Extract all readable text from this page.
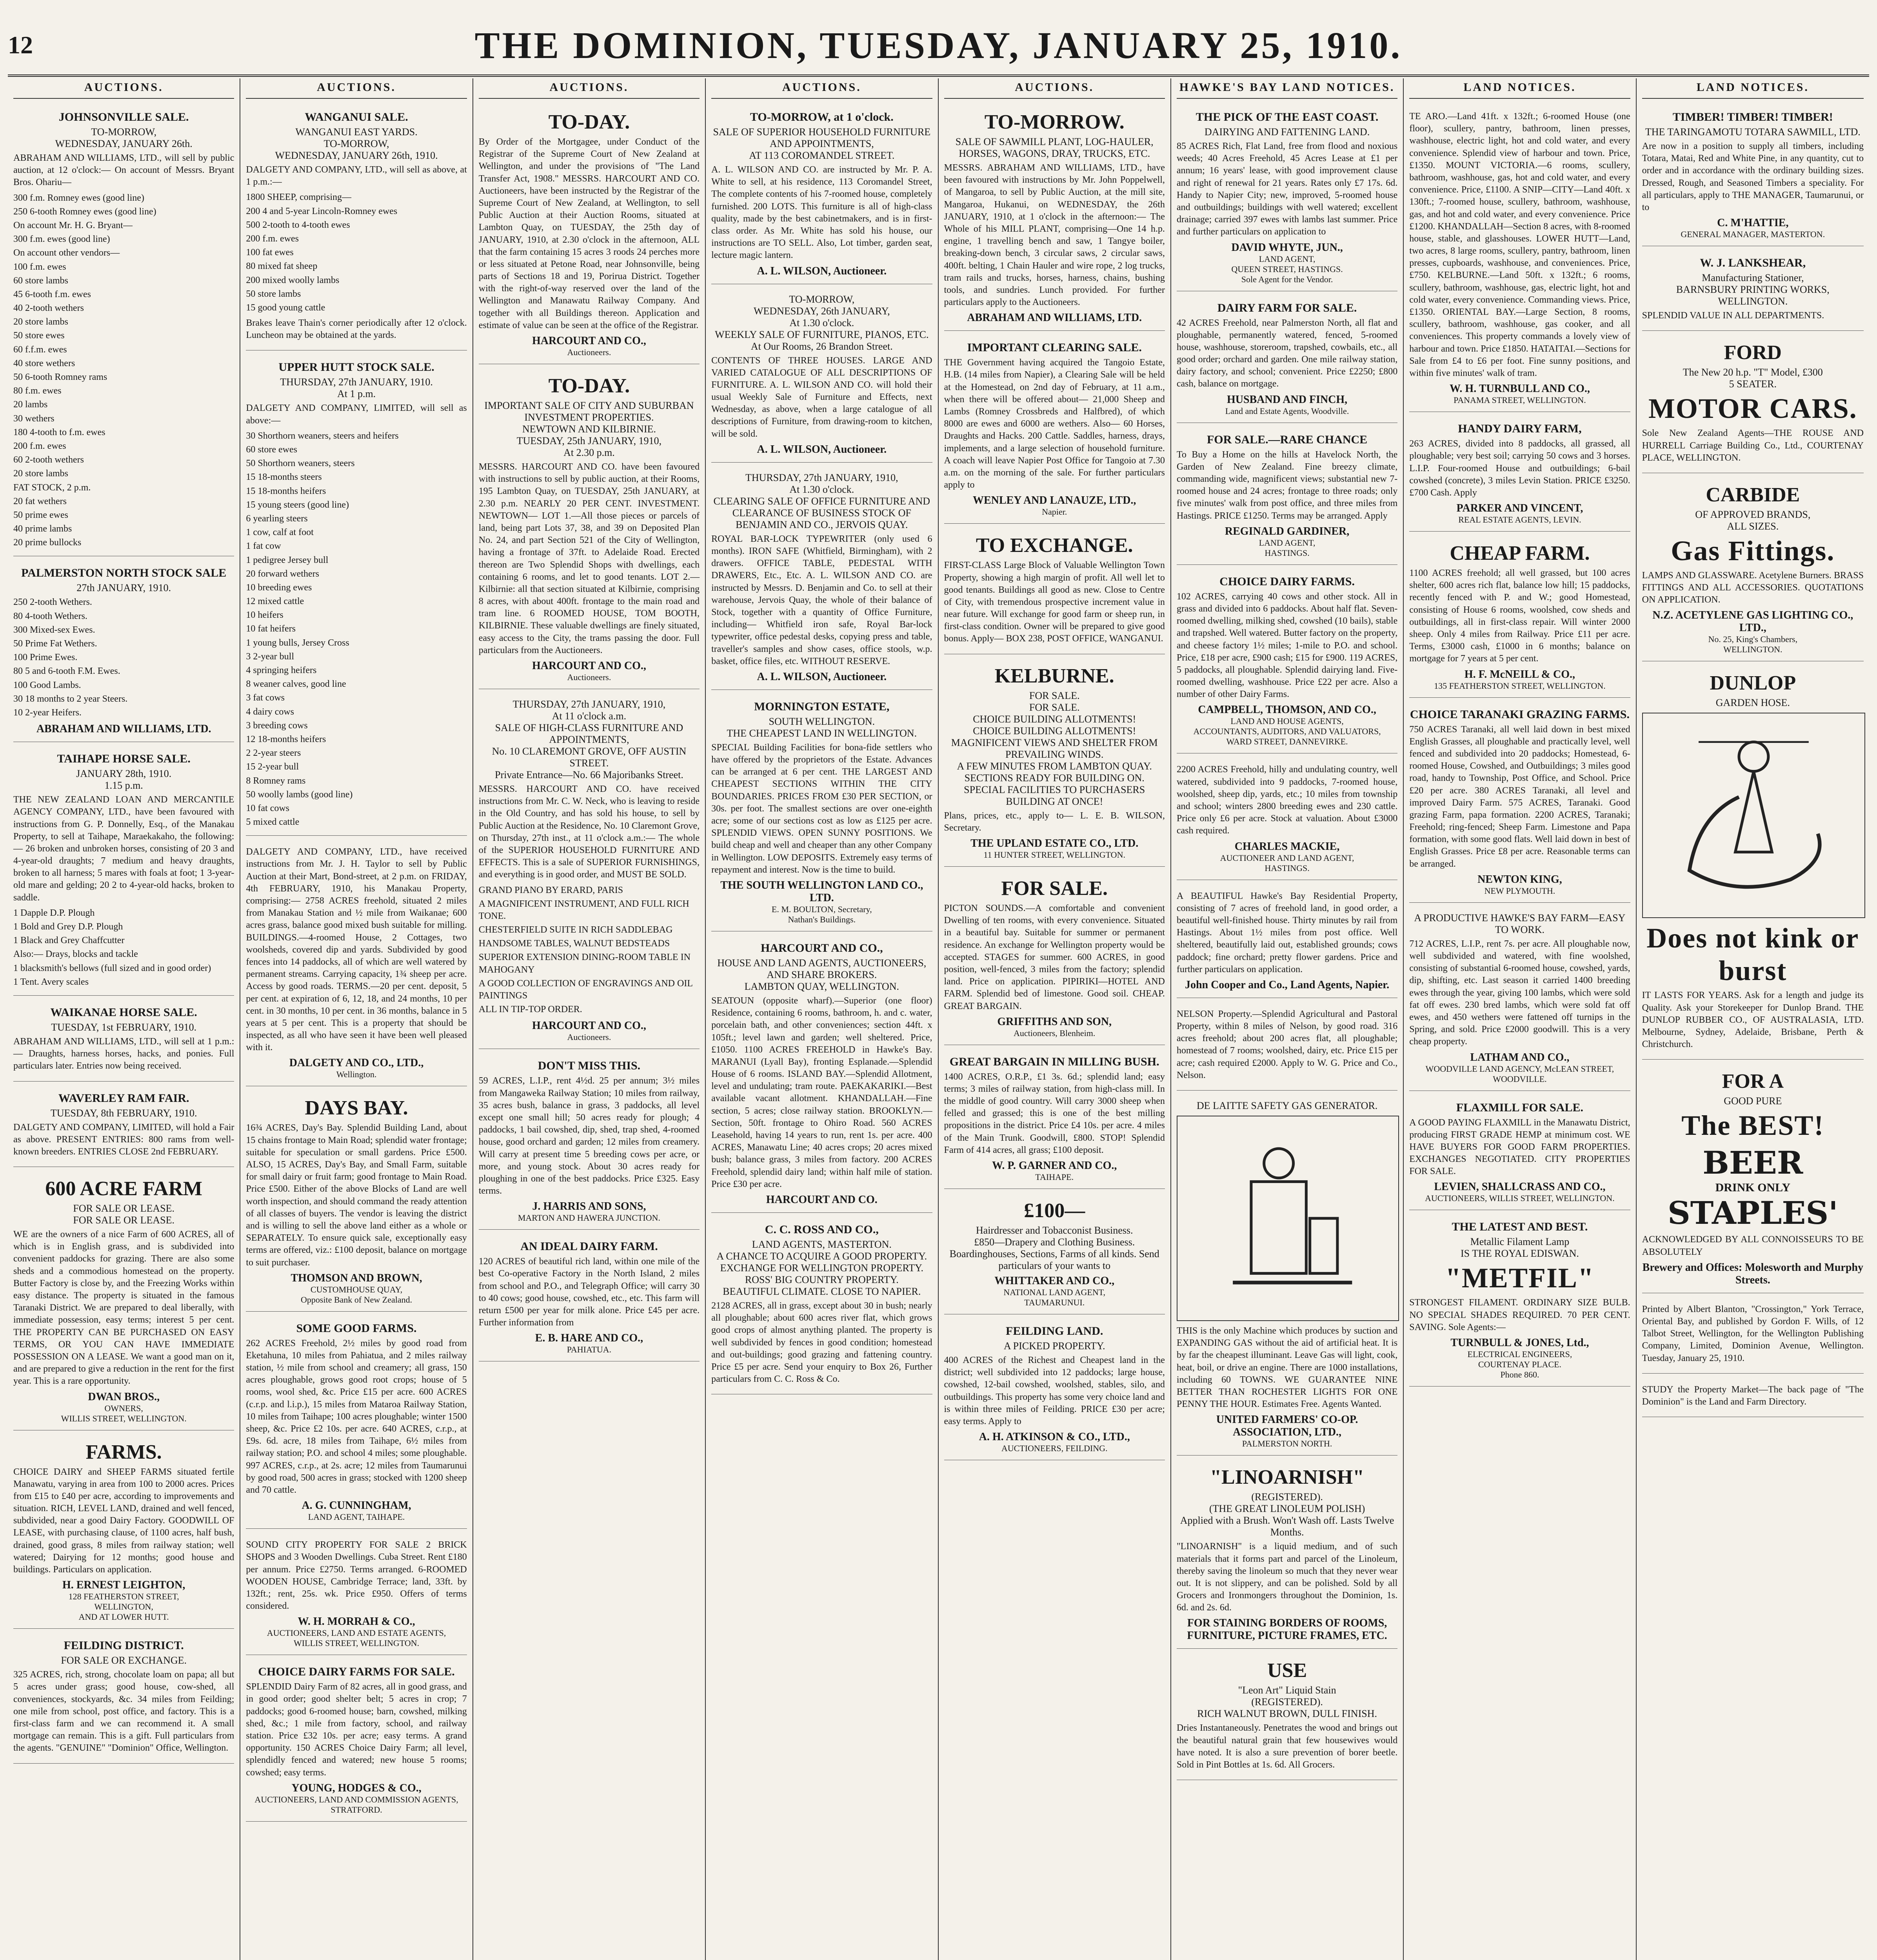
12	THE DOMINION, TUESDAY, JANUARY 25, 1910.
AUCTIONS.
JOHNSONVILLE SALE.
TO-MORROW,
WEDNESDAY, JANUARY 26th.
ABRAHAM AND WILLIAMS, LTD., will sell by public auction, at 12 o'clock:— On account of Messrs. Bryant Bros. Ohariu—
300 f.m. Romney ewes (good line)
250 6-tooth Romney ewes (good line)
On account Mr. H. G. Bryant—
300 f.m. ewes (good line)
On account other vendors—
100 f.m. ewes
60 store lambs
45 6-tooth f.m. ewes
40 2-tooth wethers
20 store lambs
50 store ewes
60 f.f.m. ewes
40 store wethers
50 6-tooth Romney rams
80 f.m. ewes
20 lambs
30 wethers
180 4-tooth to f.m. ewes
200 f.m. ewes
60 2-tooth wethers
20 store lambs
FAT STOCK, 2 p.m.
20 fat wethers
50 prime ewes
40 prime lambs
20 prime bullocks
PALMERSTON NORTH STOCK SALE
27th JANUARY, 1910.
250 2-tooth Wethers.
80 4-tooth Wethers.
300 Mixed-sex Ewes.
50 Prime Fat Wethers.
100 Prime Ewes.
80 5 and 6-tooth F.M. Ewes.
100 Good Lambs.
30 18 months to 2 year Steers.
10 2-year Heifers.
ABRAHAM AND WILLIAMS, LTD.
TAIHAPE HORSE SALE.
JANUARY 28th, 1910.
1.15 p.m.
THE NEW ZEALAND LOAN AND MERCANTILE AGENCY COMPANY, LTD., have been favoured with instructions from G. P. Donnelly, Esq., of the Manakau Property, to sell at Taihape, Maraekakaho, the following:— 26 broken and unbroken horses, consisting of 20 3 and 4-year-old draughts; 7 medium and heavy draughts, broken to all harness; 5 mares with foals at foot; 1 3-year-old mare and gelding; 20 2 to 4-year-old hacks, broken to saddle.
1 Dapple D.P. Plough
1 Bold and Grey D.P. Plough
1 Black and Grey Chaffcutter
Also:— Drays, blocks and tackle
1 blacksmith's bellows (full sized and in good order)
1 Tent. Avery scales
WAIKANAE HORSE SALE.
TUESDAY, 1st FEBRUARY, 1910.
ABRAHAM AND WILLIAMS, LTD., will sell at 1 p.m.:— Draughts, harness horses, hacks, and ponies. Full particulars later. Entries now being received.
WAVERLEY RAM FAIR.
TUESDAY, 8th FEBRUARY, 1910.
DALGETY AND COMPANY, LIMITED, will hold a Fair as above. PRESENT ENTRIES: 800 rams from well-known breeders. ENTRIES CLOSE 2nd FEBRUARY.
600 ACRE FARM
FOR SALE OR LEASE.
FOR SALE OR LEASE.
WE are the owners of a nice Farm of 600 ACRES, all of which is in English grass, and is subdivided into convenient paddocks for grazing. There are also some sheds and a commodious homestead on the property. Butter Factory is close by, and the Freezing Works within easy distance. The property is situated in the famous Taranaki District. We are prepared to deal liberally, with immediate possession, easy terms; interest 5 per cent. THE PROPERTY CAN BE PURCHASED ON EASY TERMS, OR YOU CAN HAVE IMMEDIATE POSSESSION ON A LEASE. We want a good man on it, and are prepared to give a reduction in the rent for the first year. This is a rare opportunity.
DWAN BROS.,
OWNERS,
WILLIS STREET, WELLINGTON.
FARMS.
CHOICE DAIRY and SHEEP FARMS situated fertile Manawatu, varying in area from 100 to 2000 acres. Prices from £15 to £40 per acre, according to improvements and situation. RICH, LEVEL LAND, drained and well fenced, subdivided, near a good Dairy Factory. GOODWILL OF LEASE, with purchasing clause, of 1100 acres, half bush, drained, good grass, 8 miles from railway station; well watered; Dairying for 12 months; good house and buildings. Particulars on application.
H. ERNEST LEIGHTON,
128 FEATHERSTON STREET,
WELLINGTON,
AND AT LOWER HUTT.
FEILDING DISTRICT.
FOR SALE OR EXCHANGE.
325 ACRES, rich, strong, chocolate loam on papa; all but 5 acres under grass; good house, cow-shed, all conveniences, stockyards, &c. 34 miles from Feilding; one mile from school, post office, and factory. This is a first-class farm and we can recommend it. A small mortgage can remain. This is a gift. Full particulars from the agents. "GENUINE" "Dominion" Office, Wellington.
AUCTIONS.
WANGANUI SALE.
WANGANUI EAST YARDS.
TO-MORROW,
WEDNESDAY, JANUARY 26th, 1910.
DALGETY AND COMPANY, LTD., will sell as above, at 1 p.m.:—
1800 SHEEP, comprising—
200 4 and 5-year Lincoln-Romney ewes
500 2-tooth to 4-tooth ewes
200 f.m. ewes
100 fat ewes
80 mixed fat sheep
200 mixed woolly lambs
50 store lambs
15 good young cattle
Brakes leave Thain's corner periodically after 12 o'clock. Luncheon may be obtained at the yards.
UPPER HUTT STOCK SALE.
THURSDAY, 27th JANUARY, 1910.
At 1 p.m.
DALGETY AND COMPANY, LIMITED, will sell as above:—
30 Shorthorn weaners, steers and heifers
60 store ewes
50 Shorthorn weaners, steers
15 18-months steers
15 18-months heifers
15 young steers (good line)
6 yearling steers
1 cow, calf at foot
1 fat cow
1 pedigree Jersey bull
20 forward wethers
10 breeding ewes
12 mixed cattle
10 heifers
10 fat heifers
1 young bulls, Jersey Cross
3 2-year bull
4 springing heifers
8 weaner calves, good line
3 fat cows
4 dairy cows
3 breeding cows
12 18-months heifers
2 2-year steers
15 2-year bull
8 Romney rams
50 woolly lambs (good line)
10 fat cows
5 mixed cattle
DALGETY AND COMPANY, LTD., have received instructions from Mr. J. H. Taylor to sell by Public Auction at their Mart, Bond-street, at 2 p.m. on FRIDAY, 4th FEBRUARY, 1910, his Manakau Property, comprising:— 2758 ACRES freehold, situated 2 miles from Manakau Station and ½ mile from Waikanae; 600 acres grass, balance good mixed bush suitable for milling. BUILDINGS.—4-roomed House, 2 Cottages, two woolsheds, covered dip and yards. Subdivided by good fences into 14 paddocks, all of which are well watered by permanent streams. Carrying capacity, 1¾ sheep per acre. Access by good roads. TERMS.—20 per cent. deposit, 5 per cent. at expiration of 6, 12, 18, and 24 months, 10 per cent. in 30 months, 10 per cent. in 36 months, balance in 5 years at 5 per cent. This is a property that should be inspected, as all who have seen it have been well pleased with it.
DALGETY AND CO., LTD.,
Wellington.
DAYS BAY.
16¾ ACRES, Day's Bay. Splendid Building Land, about 15 chains frontage to Main Road; splendid water frontage; suitable for speculation or small gardens. Price £500. ALSO, 15 ACRES, Day's Bay, and Small Farm, suitable for small dairy or fruit farm; good frontage to Main Road. Price £500. Either of the above Blocks of Land are well worth inspection, and should command the ready attention of all classes of buyers. The vendor is leaving the district and is willing to sell the above land either as a whole or SEPARATELY. To ensure quick sale, exceptionally easy terms are offered, viz.: £100 deposit, balance on mortgage to suit purchaser.
THOMSON AND BROWN,
CUSTOMHOUSE QUAY,
Opposite Bank of New Zealand.
SOME GOOD FARMS.
262 ACRES Freehold, 2½ miles by good road from Eketahuna, 10 miles from Pahiatua, and 2 miles railway station, ½ mile from school and creamery; all grass, 150 acres ploughable, grows good root crops; house of 5 rooms, wool shed, &c. Price £15 per acre. 600 ACRES (c.r.p. and l.i.p.), 15 miles from Mataroa Railway Station, 10 miles from Taihape; 100 acres ploughable; winter 1500 sheep, &c. Price £2 10s. per acre. 640 ACRES, c.r.p., at £9s. 6d. acre, 18 miles from Taihape, 6½ miles from railway station; P.O. and school 4 miles; some ploughable. 997 ACRES, c.r.p., at 2s. acre; 12 miles from Taumarunui by good road, 500 acres in grass; stocked with 1200 sheep and 70 cattle.
A. G. CUNNINGHAM,
LAND AGENT, TAIHAPE.
SOUND CITY PROPERTY FOR SALE 2 BRICK SHOPS and 3 Wooden Dwellings. Cuba Street. Rent £180 per annum. Price £2750. Terms arranged. 6-ROOMED WOODEN HOUSE, Cambridge Terrace; land, 33ft. by 132ft.; rent, 25s. wk. Price £950. Offers of terms considered.
W. H. MORRAH & CO.,
AUCTIONEERS, LAND AND ESTATE AGENTS,
WILLIS STREET, WELLINGTON.
CHOICE DAIRY FARMS FOR SALE.
SPLENDID Dairy Farm of 82 acres, all in good grass, and in good order; good shelter belt; 5 acres in crop; 7 paddocks; good 6-roomed house; barn, cowshed, milking shed, &c.; 1 mile from factory, school, and railway station. Price £32 10s. per acre; easy terms. A grand opportunity. 150 ACRES Choice Dairy Farm; all level, splendidly fenced and watered; new house 5 rooms; cowshed; easy terms.
YOUNG, HODGES & CO.,
AUCTIONEERS, LAND AND COMMISSION AGENTS,
STRATFORD.
AUCTIONS.
TO-DAY.
By Order of the Mortgagee, under Conduct of the Registrar of the Supreme Court of New Zealand at Wellington, and under the provisions of "The Land Transfer Act, 1908." MESSRS. HARCOURT AND CO. Auctioneers, have been instructed by the Registrar of the Supreme Court of New Zealand, at Wellington, to sell Public Auction at their Auction Rooms, situated at Lambton Quay, on TUESDAY, the 25th day of JANUARY, 1910, at 2.30 o'clock in the afternoon, ALL that the farm containing 15 acres 3 roods 24 perches more or less situated at Petone Road, near Johnsonville, being parts of Sections 18 and 19, Porirua District. Together with the right-of-way reserved over the land of the Wellington and Manawatu Railway Company. And together with all Buildings thereon. Application and estimate of value can be seen at the office of the Registrar.
HARCOURT AND CO.,
Auctioneers.
TO-DAY.
IMPORTANT SALE OF CITY AND SUBURBAN INVESTMENT PROPERTIES.
NEWTOWN AND KILBIRNIE.
TUESDAY, 25th JANUARY, 1910,
At 2.30 p.m.
MESSRS. HARCOURT AND CO. have been favoured with instructions to sell by public auction, at their Rooms, 195 Lambton Quay, on TUESDAY, 25th JANUARY, at 2.30 p.m. NEARLY 20 PER CENT. INVESTMENT. NEWTOWN— LOT 1.—All those pieces or parcels of land, being part Lots 37, 38, and 39 on Deposited Plan No. 24, and part Section 521 of the City of Wellington, having a frontage of 37ft. to Adelaide Road. Erected thereon are Two Splendid Shops with dwellings, each containing 6 rooms, and let to good tenants. LOT 2.—Kilbirnie: all that section situated at Kilbirnie, comprising 8 acres, with about 400ft. frontage to the main road and tram line. 6 ROOMED HOUSE, TOM BOOTH, KILBIRNIE. These valuable dwellings are finely situated, easy access to the City, the trams passing the door. Full particulars from the Auctioneers.
HARCOURT AND CO.,
Auctioneers.
THURSDAY, 27th JANUARY, 1910,
At 11 o'clock a.m.
SALE OF HIGH-CLASS FURNITURE AND APPOINTMENTS,
No. 10 CLAREMONT GROVE, OFF AUSTIN STREET.
Private Entrance—No. 66 Majoribanks Street.
MESSRS. HARCOURT AND CO. have received instructions from Mr. C. W. Neck, who is leaving to reside in the Old Country, and has sold his house, to sell by Public Auction at the Residence, No. 10 Claremont Grove, on Thursday, 27th inst., at 11 o'clock a.m.:— The whole of the SUPERIOR HOUSEHOLD FURNITURE AND EFFECTS. This is a sale of SUPERIOR FURNISHINGS, and everything is in good order, and MUST BE SOLD.
GRAND PIANO BY ERARD, PARIS
A MAGNIFICENT INSTRUMENT, AND FULL RICH TONE.
CHESTERFIELD SUITE IN RICH SADDLEBAG
HANDSOME TABLES, WALNUT BEDSTEADS
SUPERIOR EXTENSION DINING-ROOM TABLE IN MAHOGANY
A GOOD COLLECTION OF ENGRAVINGS AND OIL PAINTINGS
ALL IN TIP-TOP ORDER.
HARCOURT AND CO.,
Auctioneers.
DON'T MISS THIS.
59 ACRES, L.I.P., rent 4½d. 25 per annum; 3½ miles from Mangaweka Railway Station; 10 miles from railway, 35 acres bush, balance in grass, 3 paddocks, all level except one small hill; 50 acres ready for plough; 4 paddocks, 1 bail cowshed, dip, shed, trap shed, 4-roomed house, good orchard and garden; 12 miles from creamery. Will carry at present time 5 breeding cows per acre, or more, and young stock. About 30 acres ready for ploughing in one of the best paddocks. Price £325. Easy terms.
J. HARRIS AND SONS,
MARTON AND HAWERA JUNCTION.
AN IDEAL DAIRY FARM.
120 ACRES of beautiful rich land, within one mile of the best Co-operative Factory in the North Island, 2 miles from school and P.O., and Telegraph Office; will carry 30 to 40 cows; good house, cowshed, etc., etc. This farm will return £500 per year for milk alone. Price £45 per acre. Further information from
E. B. HARE AND CO.,
PAHIATUA.
AUCTIONS.
TO-MORROW, at 1 o'clock.
SALE OF SUPERIOR HOUSEHOLD FURNITURE AND APPOINTMENTS,
AT 113 COROMANDEL STREET.
A. L. WILSON AND CO. are instructed by Mr. P. A. White to sell, at his residence, 113 Coromandel Street, The complete contents of his 7-roomed house, completely furnished. 200 LOTS. This furniture is all of high-class quality, made by the best cabinetmakers, and is in first-class order. As Mr. White has sold his house, our instructions are TO SELL. Also, Lot timber, garden seat, lecture magic lantern.
A. L. WILSON, Auctioneer.
TO-MORROW,
WEDNESDAY, 26th JANUARY,
At 1.30 o'clock.
WEEKLY SALE OF FURNITURE, PIANOS, ETC.
At Our Rooms, 26 Brandon Street.
CONTENTS OF THREE HOUSES. LARGE AND VARIED CATALOGUE OF ALL DESCRIPTIONS OF FURNITURE. A. L. WILSON AND CO. will hold their usual Weekly Sale of Furniture and Effects, next Wednesday, as above, when a large catalogue of all descriptions of Furniture, from drawing-room to kitchen, will be sold.
A. L. WILSON, Auctioneer.
THURSDAY, 27th JANUARY, 1910,
At 1.30 o'clock.
CLEARING SALE OF OFFICE FURNITURE AND CLEARANCE OF BUSINESS STOCK OF BENJAMIN AND CO., JERVOIS QUAY.
ROYAL BAR-LOCK TYPEWRITER (only used 6 months). IRON SAFE (Whitfield, Birmingham), with 2 drawers. OFFICE TABLE, PEDESTAL WITH DRAWERS, Etc., Etc. A. L. WILSON AND CO. are instructed by Messrs. D. Benjamin and Co. to sell at their warehouse, Jervois Quay, the whole of their balance of Stock, together with a quantity of Office Furniture, including— Whitfield iron safe, Royal Bar-lock typewriter, office pedestal desks, copying press and table, traveller's samples and show cases, office stools, w.p. basket, office files, etc. WITHOUT RESERVE.
A. L. WILSON, Auctioneer.
MORNINGTON ESTATE,
SOUTH WELLINGTON.
THE CHEAPEST LAND IN WELLINGTON.
SPECIAL Building Facilities for bona-fide settlers who have offered by the proprietors of the Estate. Advances can be arranged at 6 per cent. THE LARGEST AND CHEAPEST SECTIONS WITHIN THE CITY BOUNDARIES. PRICES FROM £30 PER SECTION, or 30s. per foot. The smallest sections are over one-eighth acre; some of our sections cost as low as £125 per acre. SPLENDID VIEWS. OPEN SUNNY POSITIONS. We build cheap and well and cheaper than any other Company in Wellington. LOW DEPOSITS. Extremely easy terms of repayment and interest. Now is the time to build.
THE SOUTH WELLINGTON LAND CO., LTD.
E. M. BOULTON, Secretary,
Nathan's Buildings.
HARCOURT AND CO.,
HOUSE AND LAND AGENTS, AUCTIONEERS, AND SHARE BROKERS.
LAMBTON QUAY, WELLINGTON.
SEATOUN (opposite wharf).—Superior (one floor) Residence, containing 6 rooms, bathroom, h. and c. water, porcelain bath, and other conveniences; section 44ft. x 105ft.; level lawn and garden; well sheltered. Price, £1050. 1100 ACRES FREEHOLD in Hawke's Bay. MARANUI (Lyall Bay), fronting Esplanade.—Splendid House of 6 rooms. ISLAND BAY.—Splendid Allotment, level and undulating; tram route. PAEKAKARIKI.—Best available vacant allotment. KHANDALLAH.—Fine section, 5 acres; close railway station. BROOKLYN.—Section, 50ft. frontage to Ohiro Road. 560 ACRES Leasehold, having 14 years to run, rent 1s. per acre. 400 ACRES, Manawatu Line; 40 acres crops; 20 acres mixed bush; balance grass, 3 miles from factory. 200 ACRES Freehold, splendid dairy land; within half mile of station. Price £30 per acre.
HARCOURT AND CO.
C. C. ROSS AND CO.,
LAND AGENTS, MASTERTON.
A CHANCE TO ACQUIRE A GOOD PROPERTY.
EXCHANGE FOR WELLINGTON PROPERTY. ROSS' BIG COUNTRY PROPERTY.
BEAUTIFUL CLIMATE. CLOSE TO NAPIER.
2128 ACRES, all in grass, except about 30 in bush; nearly all ploughable; about 600 acres river flat, which grows good crops of almost anything planted. The property is well subdivided by fences in good condition; homestead and out-buildings; good grazing and fattening country. Price £5 per acre. Send your enquiry to Box 26, Further particulars from C. C. Ross & Co.
AUCTIONS.
TO-MORROW.
SALE OF SAWMILL PLANT, LOG-HAULER, HORSES, WAGONS, DRAY, TRUCKS, ETC.
MESSRS. ABRAHAM AND WILLIAMS, LTD., have been favoured with instructions by Mr. John Poppelwell, of Mangaroa, to sell by Public Auction, at the mill site, Mangaroa, Hukanui, on WEDNESDAY, the 26th JANUARY, 1910, at 1 o'clock in the afternoon:— The Whole of his MILL PLANT, comprising—One 14 h.p. engine, 1 travelling bench and saw, 1 Tangye boiler, breaking-down bench, 3 circular saws, 2 circular saws, 400ft. belting, 1 Chain Hauler and wire rope, 2 log trucks, tram rails and trucks, horses, harness, chains, bushing tools, and sundries. Lunch provided. For further particulars apply to the Auctioneers.
ABRAHAM AND WILLIAMS, LTD.
IMPORTANT CLEARING SALE.
THE Government having acquired the Tangoio Estate, H.B. (14 miles from Napier), a Clearing Sale will be held at the Homestead, on 2nd day of February, at 11 a.m., when there will be offered about— 21,000 Sheep and Lambs (Romney Crossbreds and Halfbred), of which 8000 are ewes and 6000 are wethers. Also— 60 Horses, Draughts and Hacks. 200 Cattle. Saddles, harness, drays, implements, and a large selection of household furniture. A coach will leave Napier Post Office for Tangoio at 7.30 a.m. on the morning of the sale. For further particulars apply to
WENLEY AND LANAUZE, LTD.,
Napier.
TO EXCHANGE.
FIRST-CLASS Large Block of Valuable Wellington Town Property, showing a high margin of profit. All well let to good tenants. Buildings all good as new. Close to Centre of City, with tremendous prospective increment value in near future. Will exchange for good farm or sheep run, in first-class condition. Owner will be prepared to give good bonus. Apply— BOX 238, POST OFFICE, WANGANUI.
KELBURNE.
FOR SALE.
FOR SALE.
CHOICE BUILDING ALLOTMENTS!
CHOICE BUILDING ALLOTMENTS!
MAGNIFICENT VIEWS AND SHELTER FROM PREVAILING WINDS.
A FEW MINUTES FROM LAMBTON QUAY.
SECTIONS READY FOR BUILDING ON.
SPECIAL FACILITIES TO PURCHASERS BUILDING AT ONCE!
Plans, prices, etc., apply to— L. E. B. WILSON, Secretary.
THE UPLAND ESTATE CO., LTD.
11 HUNTER STREET, WELLINGTON.
FOR SALE.
PICTON SOUNDS.—A comfortable and convenient Dwelling of ten rooms, with every convenience. Situated in a beautiful bay. Suitable for summer or permanent residence. An exchange for Wellington property would be accepted. STAGES for summer. 600 ACRES, in good position, well-fenced, 3 miles from the factory; splendid land. Price on application. PIPIRIKI—HOTEL AND FARM. Splendid bed of limestone. Good soil. CHEAP. GREAT BARGAIN.
GRIFFITHS AND SON,
Auctioneers, Blenheim.
GREAT BARGAIN IN MILLING BUSH.
1400 ACRES, O.R.P., £1 3s. 6d.; splendid land; easy terms; 3 miles of railway station, from high-class mill. In the middle of good country. Will carry 3000 sheep when felled and grassed; this is one of the best milling propositions in the district. Price £4 10s. per acre. 4 miles of the Main Trunk. Goodwill, £800. STOP! Splendid Farm of 414 acres, all grass; £100 deposit.
W. P. GARNER AND CO.,
TAIHAPE.
£100—
Hairdresser and Tobacconist Business.
£850—Drapery and Clothing Business.
Boardinghouses, Sections, Farms of all kinds. Send particulars of your wants to
WHITTAKER AND CO.,
NATIONAL LAND AGENT,
TAUMARUNUI.
FEILDING LAND.
A PICKED PROPERTY.
400 ACRES of the Richest and Cheapest land in the district; well subdivided into 12 paddocks; large house, cowshed, 12-bail cowshed, woolshed, stables, silo, and outbuildings. This property has some very choice land and is within three miles of Feilding. PRICE £30 per acre; easy terms. Apply to
A. H. ATKINSON & CO., LTD.,
AUCTIONEERS, FEILDING.
HAWKE'S BAY LAND NOTICES.
THE PICK OF THE EAST COAST.
DAIRYING AND FATTENING LAND.
85 ACRES Rich, Flat Land, free from flood and noxious weeds; 40 Acres Freehold, 45 Acres Lease at £1 per annum; 16 years' lease, with good improvement clause and right of renewal for 21 years. Rates only £7 17s. 6d. Handy to Napier City; new, improved, 5-roomed house and outbuildings; buildings with well watered; excellent drainage; carried 397 ewes with lambs last summer. Price and further particulars on application to
DAVID WHYTE, JUN.,
LAND AGENT,
QUEEN STREET, HASTINGS.
Sole Agent for the Vendor.
DAIRY FARM FOR SALE.
42 ACRES Freehold, near Palmerston North, all flat and ploughable, permanently watered, fenced, 5-roomed house, washhouse, storeroom, trapshed, cowbails, etc., all good order; orchard and garden. One mile railway station, dairy factory, and school; convenient. Price £2250; £800 cash, balance on mortgage.
HUSBAND AND FINCH,
Land and Estate Agents, Woodville.
FOR SALE.—RARE CHANCE
To Buy a Home on the hills at Havelock North, the Garden of New Zealand. Fine breezy climate, commanding wide, magnificent views; substantial new 7-roomed house and 24 acres; frontage to three roads; only five minutes' walk from post office, and three miles from Hastings. PRICE £1250. Terms may be arranged. Apply
REGINALD GARDINER,
LAND AGENT,
HASTINGS.
CHOICE DAIRY FARMS.
102 ACRES, carrying 40 cows and other stock. All in grass and divided into 6 paddocks. About half flat. Seven-roomed dwelling, milking shed, cowshed (10 bails), stable and trapshed. Well watered. Butter factory on the property, and cheese factory 1½ miles; 1-mile to P.O. and school. Price, £18 per acre, £900 cash; £15 for £900. 119 ACRES, 5 paddocks, all ploughable. Splendid dairying land. Five-roomed dwelling, washhouse. Price £22 per acre. Also a number of other Dairy Farms.
CAMPBELL, THOMSON, AND CO.,
LAND AND HOUSE AGENTS,
ACCOUNTANTS, AUDITORS, AND VALUATORS,
WARD STREET, DANNEVIRKE.
2200 ACRES Freehold, hilly and undulating country, well watered, subdivided into 9 paddocks, 7-roomed house, woolshed, sheep dip, yards, etc.; 10 miles from township and school; winters 2800 breeding ewes and 230 cattle. Price only £6 per acre. Stock at valuation. About £3000 cash required.
CHARLES MACKIE,
AUCTIONEER AND LAND AGENT,
HASTINGS.
A BEAUTIFUL Hawke's Bay Residential Property, consisting of 7 acres of freehold land, in good order, a beautiful well-finished house. Thirty minutes by rail from Hastings. About 1½ miles from post office. Well sheltered, beautifully laid out, established grounds; cows paddock; fine orchard; pretty flower gardens. Price and further particulars on application.
John Cooper and Co., Land Agents, Napier.
NELSON Property.—Splendid Agricultural and Pastoral Property, within 8 miles of Nelson, by good road. 316 acres freehold; about 200 acres flat, all ploughable; homestead of 7 rooms; woolshed, dairy, etc. Price £15 per acre; cash required £2000. Apply to W. G. Price and Co., Nelson.
DE LAITTE SAFETY GAS GENERATOR.
THIS is the only Machine which produces by suction and EXPANDING GAS without the aid of artificial heat. It is by far the cheapest illuminant. Leave Gas will light, cook, heat, boil, or drive an engine. There are 1000 installations, including 60 TOWNS. WE GUARANTEE NINE BETTER THAN ROCHESTER LIGHTS FOR ONE PENNY THE HOUR. Estimates Free. Agents Wanted.
UNITED FARMERS' CO-OP. ASSOCIATION, LTD.,
PALMERSTON NORTH.
"LINOARNISH"
(REGISTERED).
(THE GREAT LINOLEUM POLISH)
Applied with a Brush. Won't Wash off. Lasts Twelve Months.
"LINOARNISH" is a liquid medium, and of such materials that it forms part and parcel of the Linoleum, thereby saving the linoleum so much that they never wear out. It is not slippery, and can be polished. Sold by all Grocers and Ironmongers throughout the Dominion, 1s. 6d. and 2s. 6d.
FOR STAINING BORDERS OF ROOMS, FURNITURE, PICTURE FRAMES, ETC.
USE
"Leon Art" Liquid Stain
(REGISTERED).
RICH WALNUT BROWN, DULL FINISH.
Dries Instantaneously. Penetrates the wood and brings out the beautiful natural grain that few housewives would have noted. It is also a sure prevention of borer beetle. Sold in Pint Bottles at 1s. 6d. All Grocers.
LAND NOTICES.
TE ARO.—Land 41ft. x 132ft.; 6-roomed House (one floor), scullery, pantry, bathroom, linen presses, washhouse, electric light, hot and cold water, and every convenience. Splendid view of harbour and town. Price, £1350. MOUNT VICTORIA.—6 rooms, scullery, bathroom, washhouse, gas, hot and cold water, and every convenience. Price, £1100. A SNIP—CITY—Land 40ft. x 130ft.; 7-roomed house, scullery, bathroom, washhouse, gas, and hot and cold water, and every convenience. Price £1200. KHANDALLAH—Section 8 acres, with 8-roomed house, stable, and glasshouses. LOWER HUTT—Land, two acres, 8 large rooms, scullery, pantry, bathroom, linen presses, cupboards, washhouse, and conveniences. Price, £750. KELBURNE.—Land 50ft. x 132ft.; 6 rooms, scullery, bathroom, washhouse, gas, electric light, hot and cold water, every convenience. Commanding views. Price, £1350. ORIENTAL BAY.—Large Section, 8 rooms, scullery, bathroom, washhouse, gas cooker, and all conveniences. This property commands a lovely view of harbour and town. Price £1850. HATAITAI.—Sections for Sale from £4 to £6 per foot. Fine sunny positions, and within five minutes' walk of tram.
W. H. TURNBULL AND CO.,
PANAMA STREET, WELLINGTON.
HANDY DAIRY FARM,
263 ACRES, divided into 8 paddocks, all grassed, all ploughable; very best soil; carrying 50 cows and 3 horses. L.I.P. Four-roomed House and outbuildings; 6-bail cowshed (concrete), 3 miles Levin Station. PRICE £3250. £700 Cash. Apply
PARKER AND VINCENT,
REAL ESTATE AGENTS, LEVIN.
CHEAP FARM.
1100 ACRES freehold; all well grassed, but 100 acres shelter, 600 acres rich flat, balance low hill; 15 paddocks, recently fenced with P. and W.; good Homestead, consisting of House 6 rooms, woolshed, cow sheds and outbuildings, all in first-class repair. Will winter 2000 sheep. Only 4 miles from Railway. Price £11 per acre. Terms, £3000 cash, £1000 in 6 months; balance on mortgage for 7 years at 5 per cent.
H. F. McNEILL & CO.,
135 FEATHERSTON STREET, WELLINGTON.
CHOICE TARANAKI GRAZING FARMS.
750 ACRES Taranaki, all well laid down in best mixed English Grasses, all ploughable and practically level, well fenced and subdivided into 20 paddocks; Homestead, 6-roomed House, Cowshed, and Outbuildings; 3 miles good road, handy to Township, Post Office, and School. Price £20 per acre. 380 ACRES Taranaki, all level and improved Dairy Farm. 575 ACRES, Taranaki. Good grazing Farm, papa formation. 2200 ACRES, Taranaki; Freehold; ring-fenced; Sheep Farm. Limestone and Papa formation, with some good flats. Well laid down in best of English Grasses. Price £8 per acre. Reasonable terms can be arranged.
NEWTON KING,
NEW PLYMOUTH.
A PRODUCTIVE HAWKE'S BAY FARM—EASY TO WORK.
712 ACRES, L.I.P., rent 7s. per acre. All ploughable now, well subdivided and watered, with fine woolshed, consisting of substantial 6-roomed house, cowshed, yards, dip, shifting, etc. Last season it carried 1400 breeding ewes through the year, giving 100 lambs, which were sold fat off ewes. 230 bred lambs, which were sold fat off ewes, and 450 wethers were fattened off turnips in the Spring, and sold. Price £2000 goodwill. This is a very cheap property.
LATHAM AND CO.,
WOODVILLE LAND AGENCY, McLEAN STREET, WOODVILLE.
FLAXMILL FOR SALE.
A GOOD PAYING FLAXMILL in the Manawatu District, producing FIRST GRADE HEMP at minimum cost. WE HAVE BUYERS FOR GOOD FARM PROPERTIES. EXCHANGES NEGOTIATED. CITY PROPERTIES FOR SALE.
LEVIEN, SHALLCRASS AND CO.,
AUCTIONEERS, WILLIS STREET, WELLINGTON.
THE LATEST AND BEST.
Metallic Filament Lamp
IS THE ROYAL EDISWAN.
"METFIL"
STRONGEST FILAMENT. ORDINARY SIZE BULB. NO SPECIAL SHADES REQUIRED. 70 PER CENT. SAVING. Sole Agents:—
TURNBULL & JONES, Ltd.,
ELECTRICAL ENGINEERS,
COURTENAY PLACE.
Phone 860.
LAND NOTICES.
TIMBER! TIMBER! TIMBER!
THE TARINGAMOTU TOTARA SAWMILL, LTD.
Are now in a position to supply all timbers, including Totara, Matai, Red and White Pine, in any quantity, cut to order and in accordance with the ordinary building sizes. Dressed, Rough, and Seasoned Timbers a speciality. For all particulars, apply to THE MANAGER, Taumarunui, or to
C. M'HATTIE,
GENERAL MANAGER, MASTERTON.
W. J. LANKSHEAR,
Manufacturing Stationer,
BARNSBURY PRINTING WORKS,
WELLINGTON.
SPLENDID VALUE IN ALL DEPARTMENTS.
FORD
The New 20 h.p. "T" Model, £300
5 SEATER.
MOTOR CARS.
Sole New Zealand Agents—THE ROUSE AND HURRELL Carriage Building Co., Ltd., COURTENAY PLACE, WELLINGTON.
CARBIDE
OF APPROVED BRANDS,
ALL SIZES.
Gas Fittings.
LAMPS AND GLASSWARE. Acetylene Burners. BRASS FITTINGS AND ALL ACCESSORIES. QUOTATIONS ON APPLICATION.
N.Z. ACETYLENE GAS LIGHTING CO., LTD.,
No. 25, King's Chambers,
WELLINGTON.
DUNLOP
GARDEN HOSE.
Does not kink or burst
IT LASTS FOR YEARS. Ask for a length and judge its Quality. Ask your Storekeeper for Dunlop Brand. THE DUNLOP RUBBER CO., OF AUSTRALASIA, LTD. Melbourne, Sydney, Adelaide, Brisbane, Perth & Christchurch.
FOR A
GOOD PURE
The BEST!
BEER
DRINK ONLY
STAPLES'
ACKNOWLEDGED BY ALL CONNOISSEURS TO BE ABSOLUTELY
Brewery and Offices: Molesworth and Murphy Streets.
Printed by Albert Blanton, "Crossington," York Terrace, Oriental Bay, and published by Gordon F. Wills, of 12 Talbot Street, Wellington, for the Wellington Publishing Company, Limited, Dominion Avenue, Wellington. Tuesday, January 25, 1910.
STUDY the Property Market—The back page of "The Dominion" is the Land and Farm Directory.
